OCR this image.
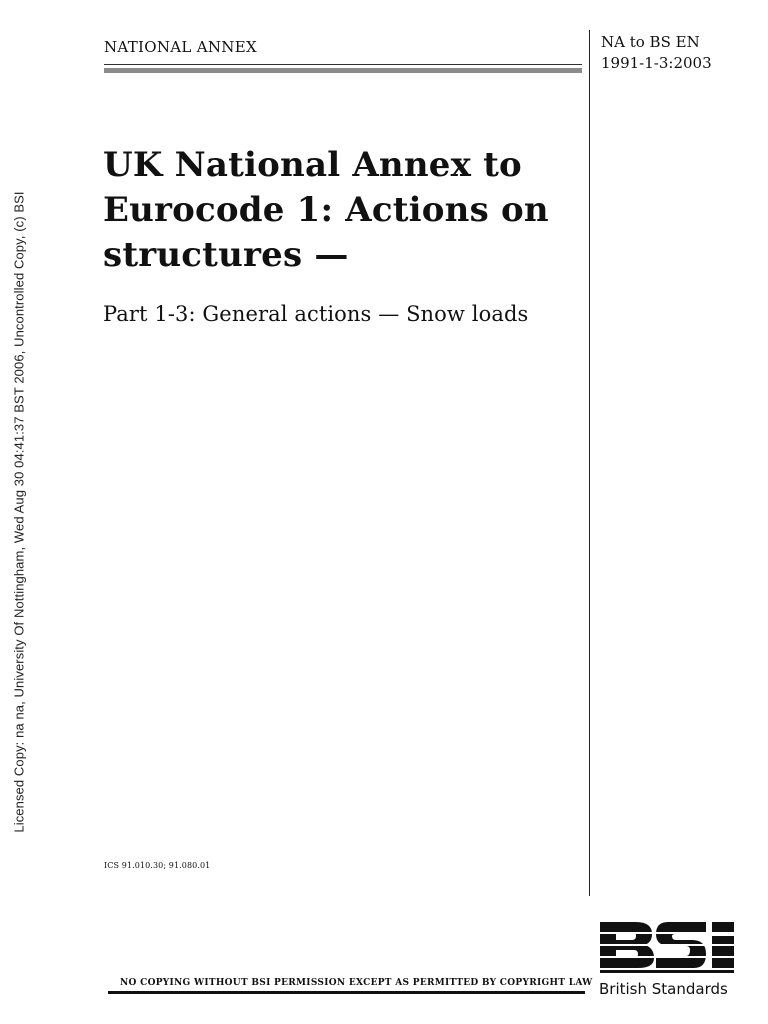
Licensed Copy: na na, University Of Nottingham, Wed Aug 30 04:41:37 BST 2006, Uncontrolled Copy, (c) BSI
NATIONAL ANNEX	NA to BS EN
1991-1-3:2003
UK National Annex to
Eurocode 1: Actions on
structures —
Part 1-3: General actions — Snow loads
ICS 91.010.30; 91.080.01
NO COPYING WITHOUT BSI PERMISSION EXCEPT AS PERMITTED BY COPYRIGHT LAW British Standards
